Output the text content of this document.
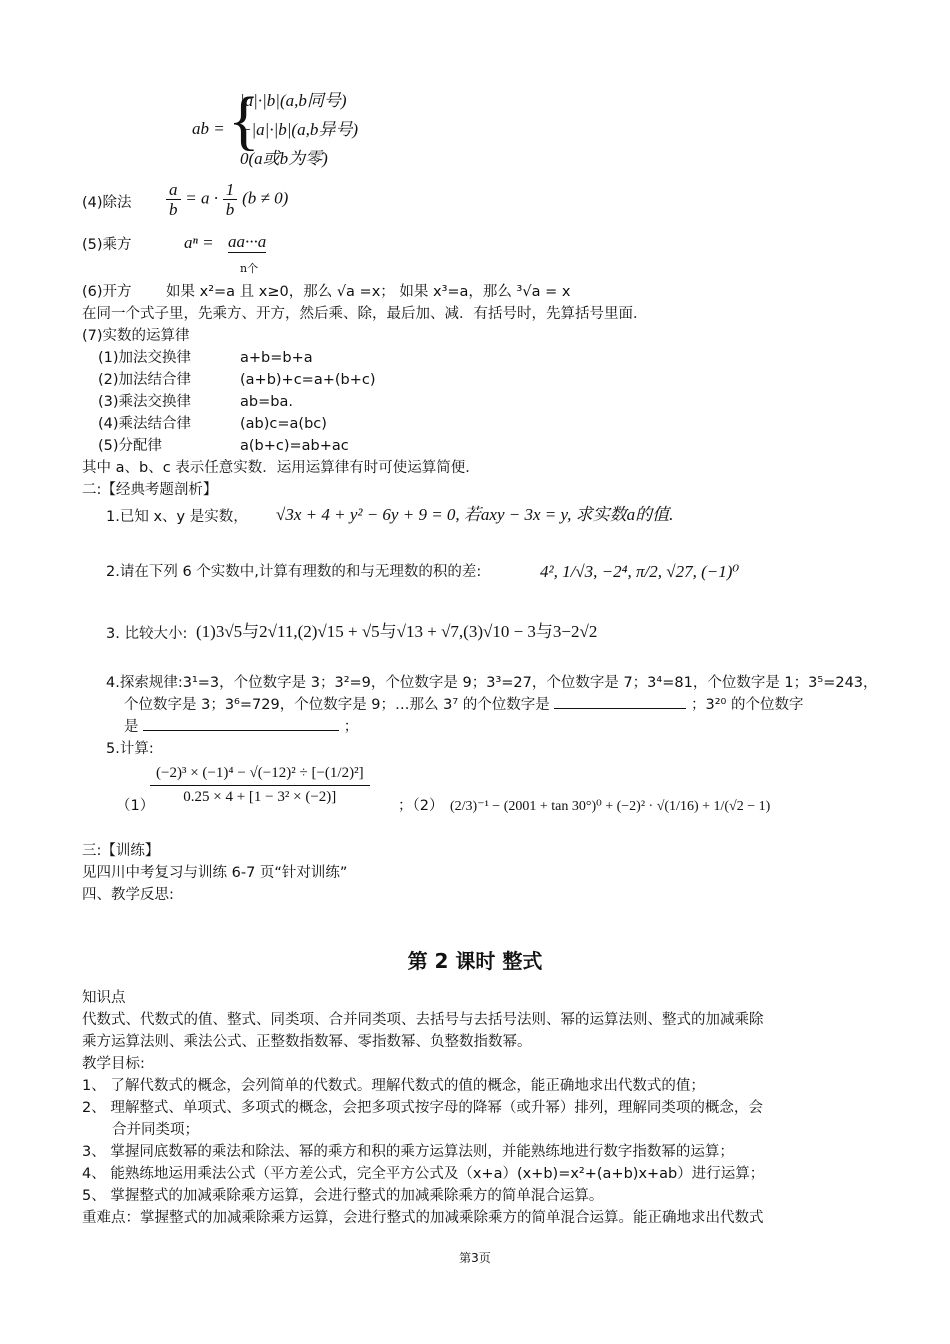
ab = {
|a|·|b|(a,b同号)
−|a|·|b|(a,b异号)
0(a或b为零)
(4)除法 $\frac{a}{b} = a \cdot \frac{1}{b} (b \ne 0)$
(5)乘方	aⁿ = aa···a
n个
(6)开方 如果 x²=a 且 x≥0，那么 √a =x； 如果 x³=a，那么 ³√a = x
在同一个式子里，先乘方、开方，然后乘、除，最后加、减．有括号时，先算括号里面．
(7)实数的运算律
(1)加法交换律	a+b=b+a
(2)加法结合律	(a+b)+c=a+(b+c)
(3)乘法交换律	ab=ba.
(4)乘法结合律	(ab)c=a(bc)
(5)分配律	a(b+c)=ab+ac
其中 a、b、c 表示任意实数．运用运算律有时可使运算简便．
二:【经典考题剖析】
1.已知 x、y 是实数， √3x + 4 + y² − 6y + 9 = 0, 若axy − 3x = y, 求实数a的值.
2.请在下列 6 个实数中,计算有理数的和与无理数的积的差:	4², 1/√3, −2⁴, π/2, √27, (−1)⁰
3. 比较大小: (1)3√5与2√11,(2)√15 + √5与√13 + √7,(3)√10 − 3与3−2√2
4.探索规律:3¹=3，个位数字是 3；3²=9，个位数字是 9；3³=27，个位数字是 7；3⁴=81，个位数字是 1；3⁵=243，
个位数字是 3；3⁶=729，个位数字是 9；…那么 3⁷ 的个位数字是	；3²⁰ 的个位数字
是	；
5.计算:
（1）
$\frac{\text{(−2)³ × (−1)⁴ − √(−12)² ÷ [−(1/2)²]}}{\text{0.25 × 4 + [1 − 3² × (−2)]}}$ ；（2） (2/3)⁻¹ − (2001 + tan 30°)⁰ + (−2)² · √(1/16) + 1/(√2 − 1)
三:【训练】
见四川中考复习与训练 6-7 页“针对训练”
四、教学反思:
第 2 课时 整式
知识点
代数式、代数式的值、整式、同类项、合并同类项、去括号与去括号法则、幂的运算法则、整式的加减乘除
乘方运算法则、乘法公式、正整数指数幂、零指数幂、负整数指数幂。
教学目标:
1、 了解代数式的概念，会列简单的代数式。理解代数式的值的概念，能正确地求出代数式的值；
2、 理解整式、单项式、多项式的概念，会把多项式按字母的降幂（或升幂）排列，理解同类项的概念，会
合并同类项；
3、 掌握同底数幂的乘法和除法、幂的乘方和积的乘方运算法则，并能熟练地进行数字指数幂的运算；
4、 能熟练地运用乘法公式（平方差公式，完全平方公式及（x+a）(x+b)=x²+(a+b)x+ab）进行运算；
5、 掌握整式的加减乘除乘方运算，会进行整式的加减乘除乘方的简单混合运算。
重难点：掌握整式的加减乘除乘方运算，会进行整式的加减乘除乘方的简单混合运算。能正确地求出代数式
第3页
